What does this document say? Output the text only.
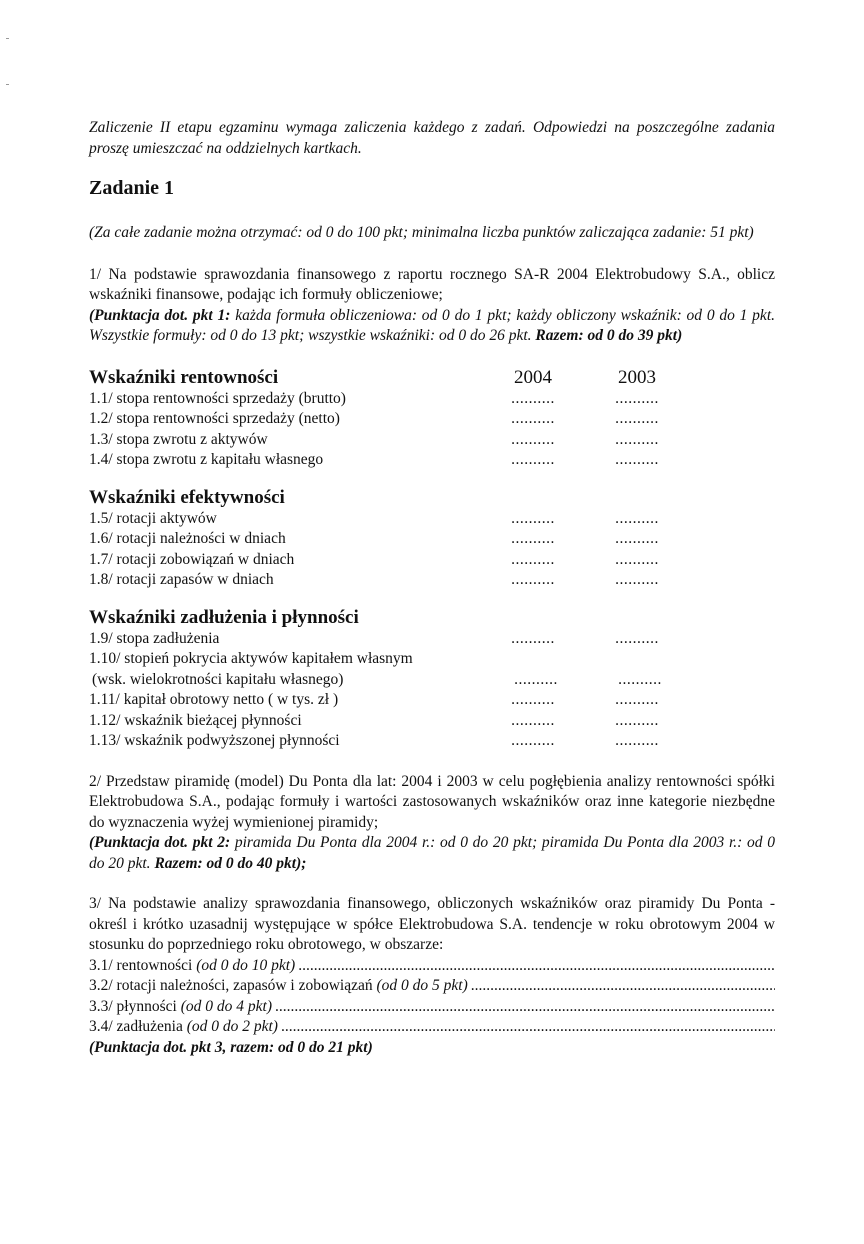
Zaliczenie II etapu egzaminu wymaga zaliczenia każdego z zadań. Odpowiedzi na poszczególne zadania proszę umieszczać na oddzielnych kartkach.

Zadanie 1

(Za całe zadanie można otrzymać: od 0 do 100 pkt; minimalna liczba punktów zaliczająca zadanie: 51 pkt)

1/ Na podstawie sprawozdania finansowego z raportu rocznego SA-R 2004 Elektrobudowy S.A., oblicz wskaźniki finansowe, podając ich formuły obliczeniowe;

(Punktacja dot. pkt 1: każda formuła obliczeniowa: od 0 do 1 pkt; każdy obliczony wskaźnik: od 0 do 1 pkt. Wszystkie formuły: od 0 do 13 pkt; wszystkie wskaźniki: od 0 do 26 pkt. Razem: od 0 do 39 pkt)

Wskaźniki rentowności	2004	2003
1.1/ stopa rentowności sprzedaży (brutto)	..........	..........
1.2/ stopa rentowności sprzedaży (netto)	..........	..........
1.3/ stopa zwrotu z aktywów	..........	..........
1.4/ stopa zwrotu z kapitału własnego	..........	..........
Wskaźniki efektywności
1.5/ rotacji aktywów	..........	..........
1.6/ rotacji należności w dniach	..........	..........
1.7/ rotacji zobowiązań w dniach	..........	..........
1.8/ rotacji zapasów w dniach	..........	..........
Wskaźniki zadłużenia i płynności
1.9/ stopa zadłużenia	..........	..........
1.10/ stopień pokrycia aktywów kapitałem własnym
(wsk. wielokrotności kapitału własnego)	..........	..........
1.11/ kapitał obrotowy netto ( w tys. zł )	..........	..........
1.12/ wskaźnik bieżącej płynności	..........	..........
1.13/ wskaźnik podwyższonej płynności	..........	..........

2/ Przedstaw piramidę (model) Du Ponta dla lat: 2004 i 2003 w celu pogłębienia analizy rentowności spółki Elektrobudowa S.A., podając formuły i wartości zastosowanych wskaźników oraz inne kategorie niezbędne do wyznaczenia wyżej wymienionej piramidy;

(Punktacja dot. pkt 2: piramida Du Ponta dla 2004 r.: od 0 do 20 pkt; piramida Du Ponta dla 2003 r.: od 0 do 20 pkt. Razem: od 0 do 40 pkt);

3/ Na podstawie analizy sprawozdania finansowego, obliczonych wskaźników oraz piramidy Du Ponta - określ i krótko uzasadnij występujące w spółce Elektrobudowa S.A. tendencje w roku obrotowym 2004 w stosunku do poprzedniego roku obrotowego, w obszarze:

3.1/ rentowności
(od 0 do 10 pkt)
.....
3.2/ rotacji należności, zapasów i zobowiązań
(od 0 do 5 pkt)
.....
3.3/ płynności
(od 0 do 4 pkt)
.....
3.4/ zadłużenia
(od 0 do 2 pkt)
.....

(Punktacja dot. pkt 3, razem: od 0 do 21 pkt)
